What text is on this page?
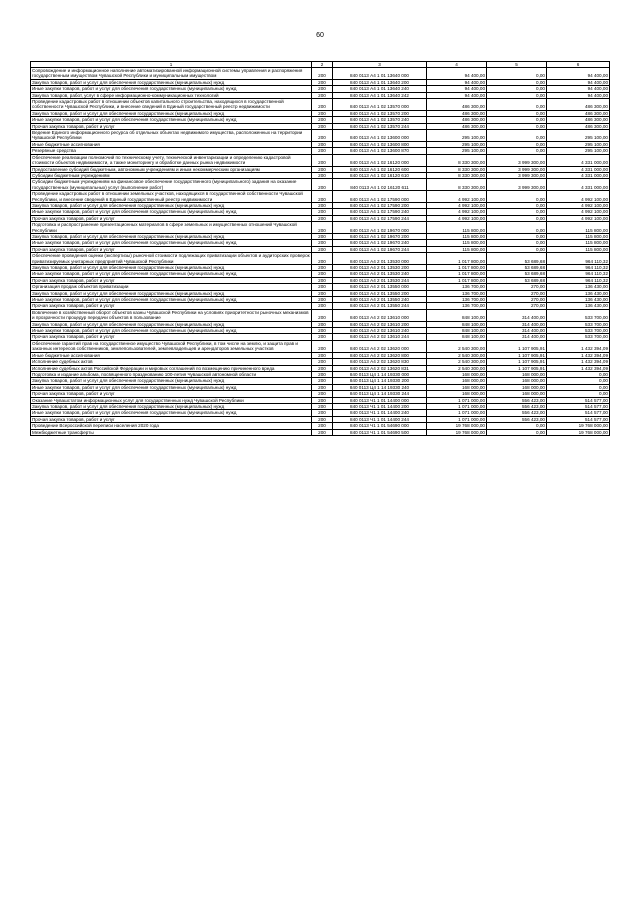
60
1	2	3	4	5	6
Сопровождение и информационное наполнение автоматизированной информационной системы управления и распоряжения государственным имуществом Чувашской Республики и муниципальным имуществом	200	840 0113 А4 1 01 13640 000	94 400,00	0,00	94 400,00
Закупка товаров, работ и услуг для обеспечения государственных (муниципальных) нужд	200	840 0113 А4 1 01 13640 200	94 400,00	0,00	94 400,00
Иные закупки товаров, работ и услуг для обеспечения государственных (муниципальных) нужд	200	840 0113 А4 1 01 13640 240	94 400,00	0,00	94 400,00
Закупка товаров, работ, услуг в сфере информационно-коммуникационных технологий	200	840 0113 А4 1 01 13640 242	94 400,00	0,00	94 400,00
Проведение кадастровых работ в отношении объектов капитального строительства, находящихся в государственной собственности Чувашской Республики, и внесение сведений в Единый государственный реестр недвижимости	200	840 0113 А4 1 02 13570 000	486 300,00	0,00	486 300,00
Закупка товаров, работ и услуг для обеспечения государственных (муниципальных) нужд	200	840 0113 А4 1 02 13570 200	486 300,00	0,00	486 300,00
Иные закупки товаров, работ и услуг для обеспечения государственных (муниципальных) нужд	200	840 0113 А4 1 02 13570 240	486 300,00	0,00	486 300,00
Прочая закупка товаров, работ и услуг	200	840 0113 А4 1 02 13570 244	486 300,00	0,00	486 300,00
Ведение Единого информационного ресурса об отдельных объектах недвижимого имущества, расположенных на территории Чувашской Республики	200	840 0113 А4 1 02 13600 000	295 100,00	0,00	295 100,00
Иные бюджетные ассигнования	200	840 0113 А4 1 02 13600 800	295 100,00	0,00	295 100,00
Резервные средства	200	840 0113 А4 1 02 13600 870	295 100,00	0,00	295 100,00
Обеспечение реализации полномочий по техническому учету, технической инвентаризации и определению кадастровой стоимости объектов недвижимости, а также мониторингу и обработке данных рынка недвижимости	200	840 0113 А4 1 02 16120 000	8 330 300,00	3 999 300,00	4 331 000,00
Предоставление субсидий бюджетным, автономным учреждениям и иным некоммерческим организациям	200	840 0113 А4 1 02 16120 600	8 330 300,00	3 999 300,00	4 331 000,00
Субсидии бюджетным учреждениям	200	840 0113 А4 1 02 16120 610	8 330 300,00	3 999 300,00	4 331 000,00
Субсидии бюджетным учреждениям на финансовое обеспечение государственного (муниципального) задания на оказание государственных (муниципальных) услуг (выполнение работ)	200	840 0113 А4 1 02 16120 611	8 330 300,00	3 999 300,00	4 331 000,00
Проведение кадастровых работ в отношении земельных участков, находящихся в государственной собственности Чувашской Республики, и внесение сведений в Единый государственный реестр недвижимости	200	840 0113 А4 1 02 17590 000	4 992 100,00	0,00	4 992 100,00
Закупка товаров, работ и услуг для обеспечения государственных (муниципальных) нужд	200	840 0113 А4 1 02 17590 200	4 992 100,00	0,00	4 992 100,00
Иные закупки товаров, работ и услуг для обеспечения государственных (муниципальных) нужд	200	840 0113 А4 1 02 17590 240	4 992 100,00	0,00	4 992 100,00
Прочая закупка товаров, работ и услуг	200	840 0113 А4 1 02 17590 244	4 992 100,00	0,00	4 992 100,00
Подготовка и распространение презентационных материалов в сфере земельных и имущественных отношений Чувашской Республики	200	840 0113 А4 1 02 19670 000	115 800,00	0,00	115 800,00
Закупка товаров, работ и услуг для обеспечения государственных (муниципальных) нужд	200	840 0113 А4 1 02 19670 200	115 800,00	0,00	115 800,00
Иные закупки товаров, работ и услуг для обеспечения государственных (муниципальных) нужд	200	840 0113 А4 1 02 19670 240	115 800,00	0,00	115 800,00
Прочая закупка товаров, работ и услуг	200	840 0113 А4 1 02 19670 244	115 800,00	0,00	115 800,00
Обеспечение проведения оценки (экспертизы) рыночной стоимости подлежащих приватизации объектов и аудиторских проверок приватизируемых унитарных предприятий Чувашской Республики	200	840 0113 А4 2 01 13530 000	1 017 800,00	53 689,68	964 110,32
Закупка товаров, работ и услуг для обеспечения государственных (муниципальных) нужд	200	840 0113 А4 2 01 13530 200	1 017 800,00	53 689,68	964 110,32
Иные закупки товаров, работ и услуг для обеспечения государственных (муниципальных) нужд	200	840 0113 А4 2 01 13530 240	1 017 800,00	53 689,68	964 110,32
Прочая закупка товаров, работ и услуг	200	840 0113 А4 2 01 13530 244	1 017 800,00	53 689,68	964 110,32
Организация продаж объектов приватизации	200	840 0113 А4 2 01 13550 000	136 700,00	270,00	136 430,00
Закупка товаров, работ и услуг для обеспечения государственных (муниципальных) нужд	200	840 0113 А4 2 01 13550 200	136 700,00	270,00	136 430,00
Иные закупки товаров, работ и услуг для обеспечения государственных (муниципальных) нужд	200	840 0113 А4 2 01 13550 240	136 700,00	270,00	136 430,00
Прочая закупка товаров, работ и услуг	200	840 0113 А4 2 01 13550 244	136 700,00	270,00	136 430,00
Вовлечение в хозяйственный оборот объектов казны Чувашской Республики на условиях приоритетности рыночных механизмов и прозрачности процедур передачи объектов в пользование	200	840 0113 А4 2 02 13610 000	848 100,00	314 400,00	533 700,00
Закупка товаров, работ и услуг для обеспечения государственных (муниципальных) нужд	200	840 0113 А4 2 02 13610 200	848 100,00	314 400,00	533 700,00
Иные закупки товаров, работ и услуг для обеспечения государственных (муниципальных) нужд	200	840 0113 А4 2 02 13610 240	848 100,00	314 400,00	533 700,00
Прочая закупка товаров, работ и услуг	200	840 0113 А4 2 02 13610 244	848 100,00	314 400,00	533 700,00
Обеспечение гарантий прав на государственное имущество Чувашской Республики, в том числе на землю, и защита прав и законных интересов собственников, землепользователей, землевладельцев и арендаторов земельных участков	200	840 0113 А4 2 02 13620 000	2 540 300,00	1 107 905,91	1 432 394,09
Иные бюджетные ассигнования	200	840 0113 А4 2 02 13620 800	2 540 300,00	1 107 905,91	1 432 394,09
Исполнение судебных актов	200	840 0113 А4 2 02 13620 830	2 540 300,00	1 107 905,91	1 432 394,09
Исполнение судебных актов Российской Федерации и мировых соглашений по возмещению причиненного вреда	200	840 0113 А4 2 02 13620 831	2 540 300,00	1 107 905,91	1 432 394,09
Подготовка и издание альбома, посвященного празднованию 100-летия Чувашской автономной области	200	840 0113 Ц4 1 14 19330 000	168 000,00	168 000,00	0,00
Закупка товаров, работ и услуг для обеспечения государственных (муниципальных) нужд	200	840 0113 Ц4 1 14 19330 200	168 000,00	168 000,00	0,00
Иные закупки товаров, работ и услуг для обеспечения государственных (муниципальных) нужд	200	840 0113 Ц4 1 14 19330 240	168 000,00	168 000,00	0,00
Прочая закупка товаров, работ и услуг	200	840 0113 Ц4 1 14 19330 244	168 000,00	168 000,00	0,00
Оказание Чувашстатом информационных услуг для государственных нужд Чувашской Республики	200	840 0113 Ч1 1 01 14400 000	1 071 000,00	556 423,00	514 577,00
Закупка товаров, работ и услуг для обеспечения государственных (муниципальных) нужд	200	840 0113 Ч1 1 01 14400 200	1 071 000,00	556 423,00	514 577,00
Иные закупки товаров, работ и услуг для обеспечения государственных (муниципальных) нужд	200	840 0113 Ч1 1 01 14400 240	1 071 000,00	556 423,00	514 577,00
Прочая закупка товаров, работ и услуг	200	840 0113 Ч1 1 01 14400 244	1 071 000,00	556 423,00	514 577,00
Проведение Всероссийской переписи населения 2020 года	200	840 0113 Ч1 1 01 54690 000	19 768 000,00	0,00	19 768 000,00
Межбюджетные трансферты	200	840 0113 Ч1 1 01 54690 500	19 768 000,00	0,00	19 768 000,00
